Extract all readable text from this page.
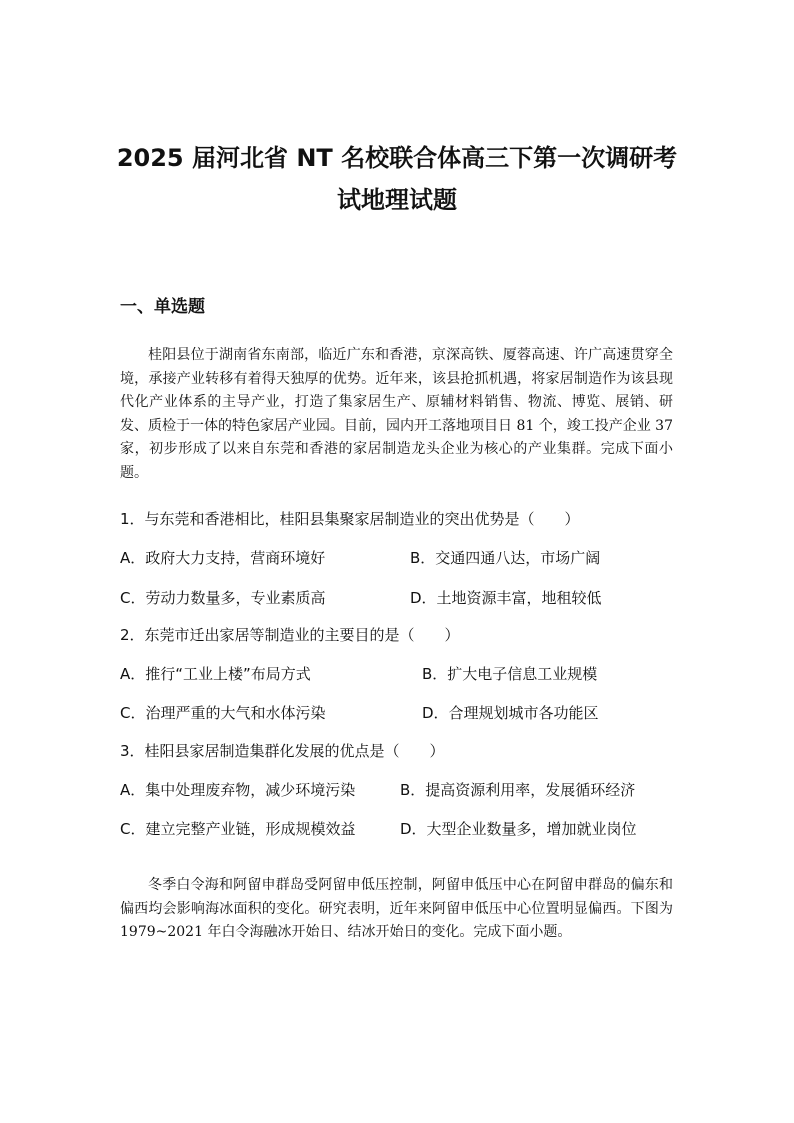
2025 届河北省 NT 名校联合体高三下第一次调研考
试地理试题
一、单选题

桂阳县位于湖南省东南部，临近广东和香港，京深高铁、厦蓉高速、许广高速贯穿全境，承接产业转移有着得天独厚的优势。近年来，该县抢抓机遇，将家居制造作为该县现代化产业体系的主导产业，打造了集家居生产、原辅材料销售、物流、博览、展销、研发、质检于一体的特色家居产业园。目前，园内开工落地项目日 81 个，竣工投产企业 37 家，初步形成了以来自东莞和香港的家居制造龙头企业为核心的产业集群。完成下面小题。

1．与东莞和香港相比，桂阳县集聚家居制造业的突出优势是（　　）
A．政府大力支持，营商环境好	B．交通四通八达，市场广阔
C．劳动力数量多，专业素质高	D．土地资源丰富，地租较低
2．东莞市迁出家居等制造业的主要目的是（　　）
A．推行“工业上楼”布局方式	B．扩大电子信息工业规模
C．治理严重的大气和水体污染	D．合理规划城市各功能区
3．桂阳县家居制造集群化发展的优点是（　　）
A．集中处理废弃物，减少环境污染	B．提高资源利用率，发展循环经济
C．建立完整产业链，形成规模效益	D．大型企业数量多，增加就业岗位

冬季白令海和阿留申群岛受阿留申低压控制，阿留申低压中心在阿留申群岛的偏东和偏西均会影响海冰面积的变化。研究表明，近年来阿留申低压中心位置明显偏西。下图为 1979~2021 年白令海融冰开始日、结冰开始日的变化。完成下面小题。
